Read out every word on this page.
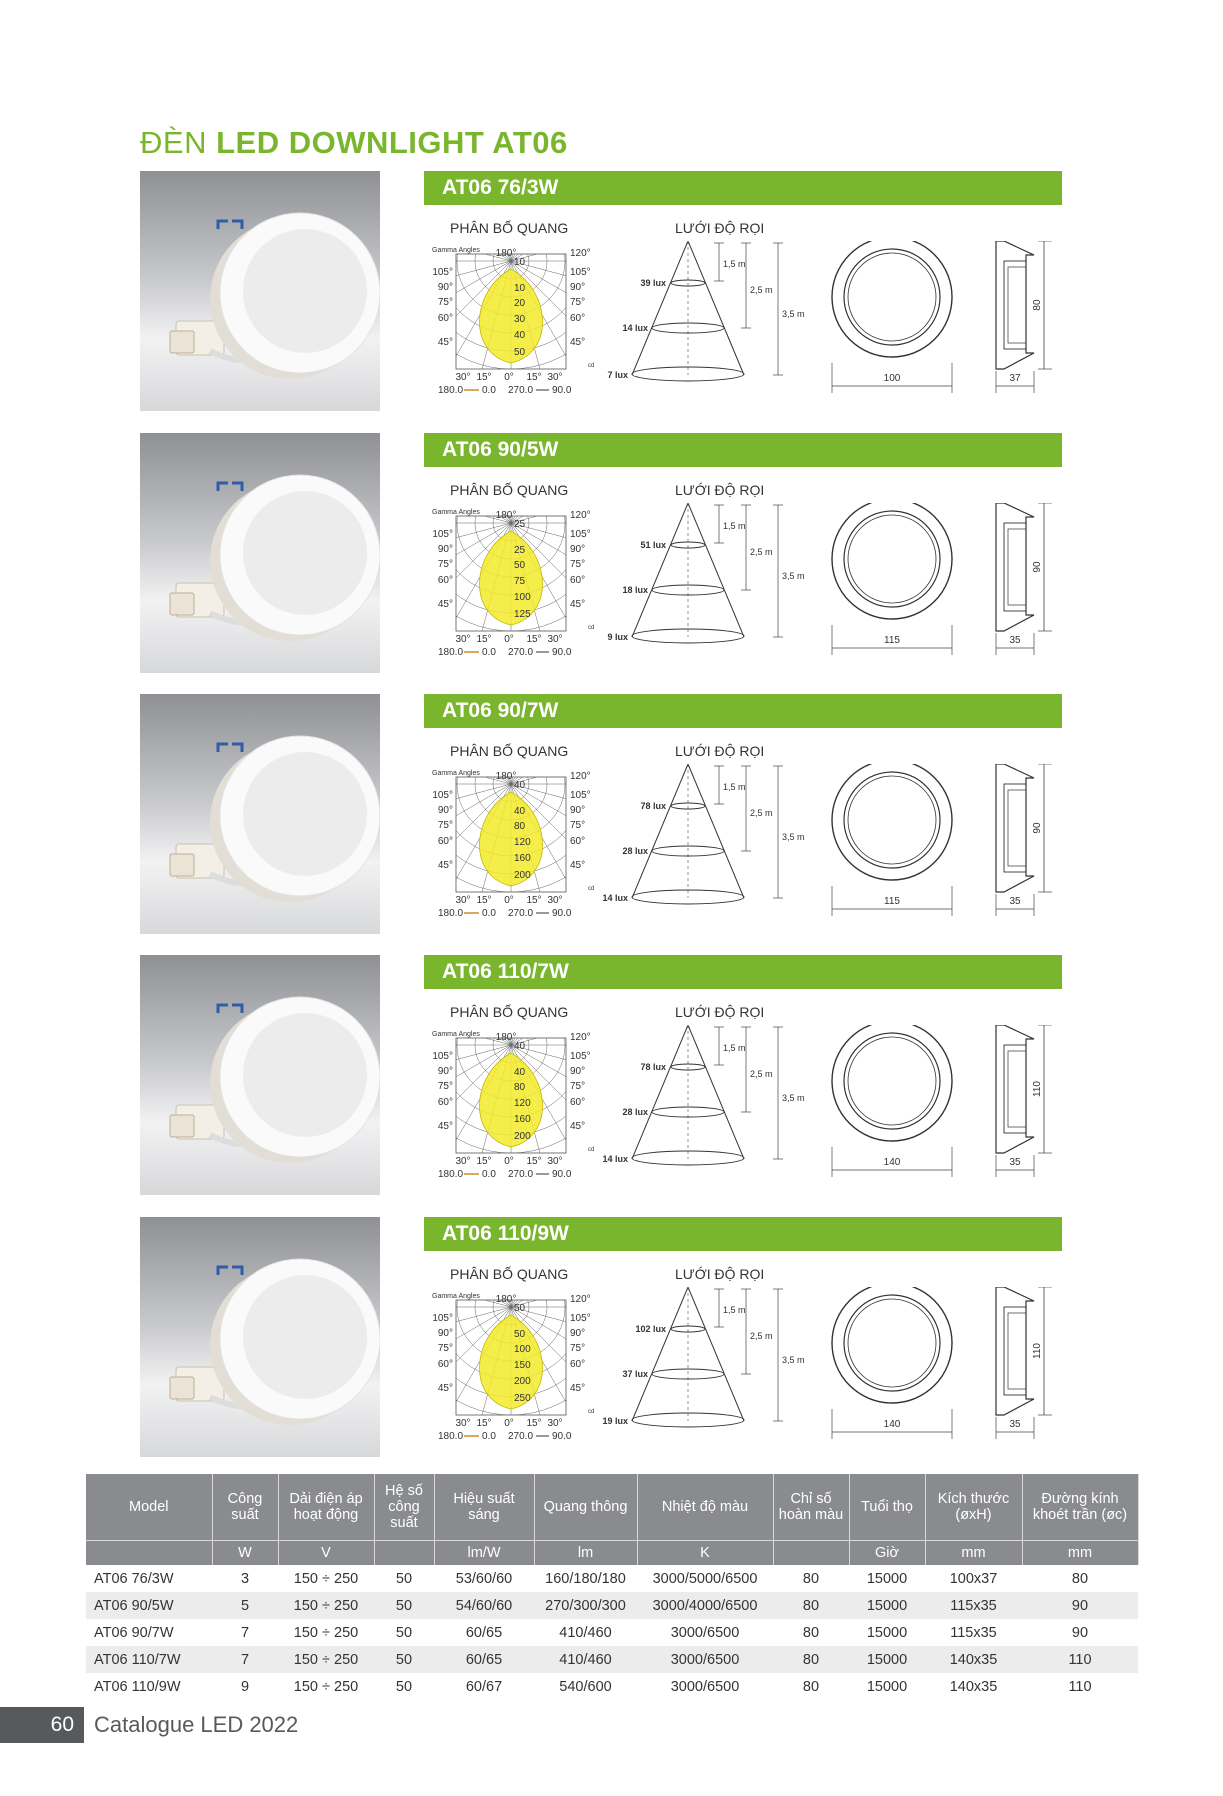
ĐÈN LED DOWNLIGHT AT06
AT06 76/3W
PHÂN BỐ QUANG	LƯỚI ĐỘ RỌI
10
10
20
30
40
50
Gamma Angles
cd
180°	120°
105°
90°
75°
60°
45°
105°
90°
75°
60°
45°
30° 15° 0° 15° 30°
180.0 0.0 270.0 90.0
39 lux
14 lux
7 lux
1,5 m
2,5 m
3,5 m
100
80
37
AT06 90/5W
PHÂN BỐ QUANG	LƯỚI ĐỘ RỌI
25
25
50
75
100
125
Gamma Angles
cd
180°	120°
105°
90°
75°
60°
45°
105°
90°
75°
60°
45°
30° 15° 0° 15° 30°
180.0 0.0 270.0 90.0
51 lux
18 lux
9 lux
1,5 m
2,5 m
3,5 m
115
90
35
AT06 90/7W
PHÂN BỐ QUANG	LƯỚI ĐỘ RỌI
40
40
80
120
160
200
Gamma Angles
cd
180°	120°
105°
90°
75°
60°
45°
105°
90°
75°
60°
45°
30° 15° 0° 15° 30°
180.0 0.0 270.0 90.0
78 lux
28 lux
14 lux
1,5 m
2,5 m
3,5 m
115
90
35
AT06 110/7W
PHÂN BỐ QUANG	LƯỚI ĐỘ RỌI
40
40
80
120
160
200
Gamma Angles
cd
180°	120°
105°
90°
75°
60°
45°
105°
90°
75°
60°
45°
30° 15° 0° 15° 30°
180.0 0.0 270.0 90.0
78 lux
28 lux
14 lux
1,5 m
2,5 m
3,5 m
140
110
35
AT06 110/9W
PHÂN BỐ QUANG	LƯỚI ĐỘ RỌI
50
50
100
150
200
250
Gamma Angles
cd
180°	120°
105°
90°
75°
60°
45°
105°
90°
75°
60°
45°
30° 15° 0° 15° 30°
180.0 0.0 270.0 90.0
102 lux
37 lux
19 lux
1,5 m
2,5 m
3,5 m
140
110
35
Model	Công suất	Dải điện áp hoạt động	Hệ số công suất	Hiệu suất sáng	Quang thông	Nhiệt độ màu	Chỉ số hoàn màu	Tuổi thọ	Kích thước (øxH)	Đường kính khoét trần (øc)
	W	V		lm/W	lm	K		Giờ	mm	mm
AT06 76/3W	3	150 ÷ 250	50	53/60/60	160/180/180	3000/5000/6500	80	15000	100x37	80
AT06 90/5W	5	150 ÷ 250	50	54/60/60	270/300/300	3000/4000/6500	80	15000	115x35	90
AT06 90/7W	7	150 ÷ 250	50	60/65	410/460	3000/6500	80	15000	115x35	90
AT06 110/7W	7	150 ÷ 250	50	60/65	410/460	3000/6500	80	15000	140x35	110
AT06 110/9W	9	150 ÷ 250	50	60/67	540/600	3000/6500	80	15000	140x35	110
60 Catalogue LED 2022
